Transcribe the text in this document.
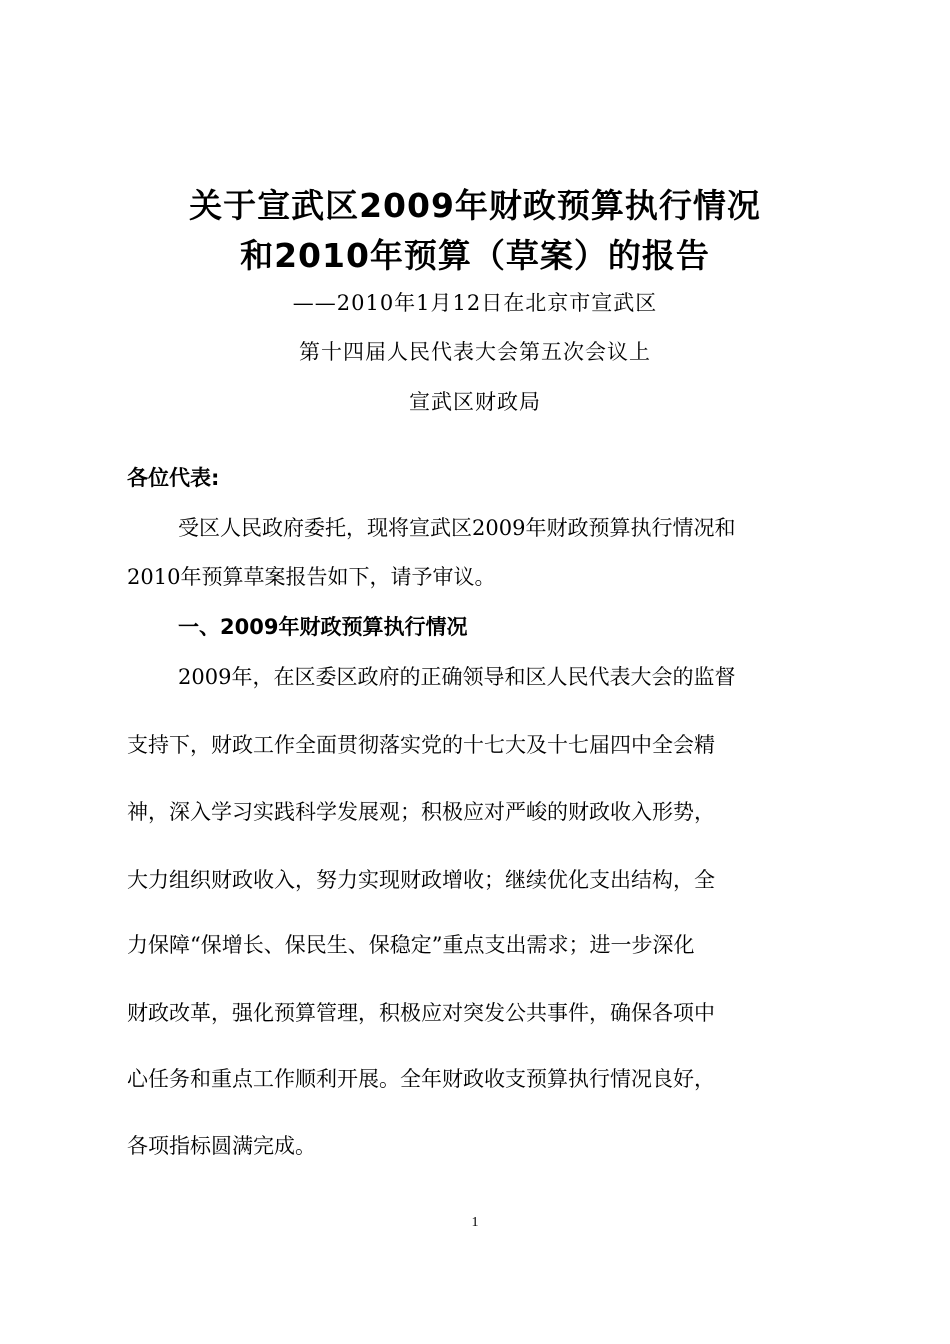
关于宣武区2009年财政预算执行情况
和2010年预算（草案）的报告
——2010年1月12日在北京市宣武区
第十四届人民代表大会第五次会议上
宣武区财政局
各位代表:
受区人民政府委托，现将宣武区2009年财政预算执行情况和
2010年预算草案报告如下，请予审议。
一、2009年财政预算执行情况
2009年，在区委区政府的正确领导和区人民代表大会的监督
支持下，财政工作全面贯彻落实党的十七大及十七届四中全会精
神，深入学习实践科学发展观；积极应对严峻的财政收入形势，
大力组织财政收入，努力实现财政增收；继续优化支出结构，全
力保障“保增长、保民生、保稳定”重点支出需求；进一步深化
财政改革，强化预算管理，积极应对突发公共事件，确保各项中
心任务和重点工作顺利开展。全年财政收支预算执行情况良好，
各项指标圆满完成。
1
